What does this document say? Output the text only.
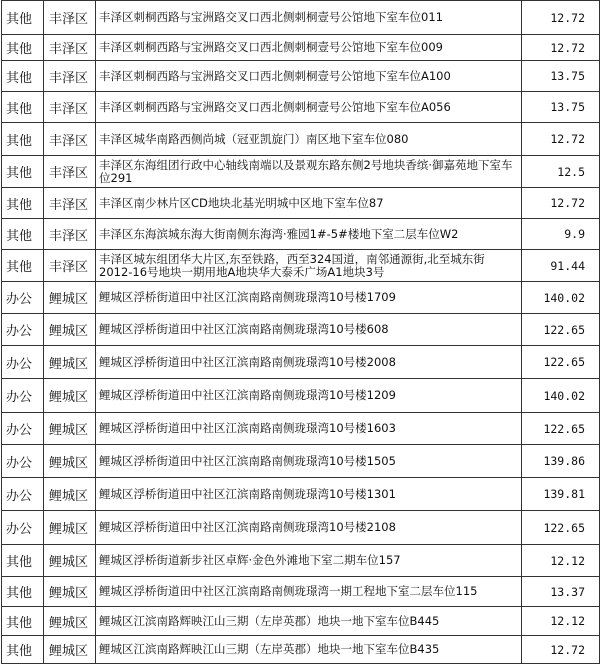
其他	丰泽区	丰泽区刺桐西路与宝洲路交叉口西北侧刺桐壹号公馆地下室车位011	12.72
其他	丰泽区	丰泽区刺桐西路与宝洲路交叉口西北侧刺桐壹号公馆地下室车位009	12.72
其他	丰泽区	丰泽区刺桐西路与宝洲路交叉口西北侧刺桐壹号公馆地下室车位A100	13.75
其他	丰泽区	丰泽区刺桐西路与宝洲路交叉口西北侧刺桐壹号公馆地下室车位A056	13.75
其他	丰泽区	丰泽区城华南路西侧尚城（冠亚凯旋门）南区地下室车位080	12.72
其他	丰泽区	丰泽区东海组团行政中心轴线南端以及景观东路东侧2号地块香缤·御嘉苑地下室车位291	12.5
其他	丰泽区	丰泽区南少林片区CD地块北基光明城中区地下室车位87	12.72
其他	丰泽区	丰泽区东海滨城东海大街南侧东海湾·雅园1#-5#楼地下室二层车位W2	9.9
其他	丰泽区	丰泽区城东组团华大片区,东至铁路，西至324国道，南邻通源街,北至城东街2012-16号地块一期用地A地块华大泰禾广场A1地块3号	91.44
办公	鲤城区	鲤城区浮桥街道田中社区江滨南路南侧珑璟湾10号楼1709	140.02
办公	鲤城区	鲤城区浮桥街道田中社区江滨南路南侧珑璟湾10号楼608	122.65
办公	鲤城区	鲤城区浮桥街道田中社区江滨南路南侧珑璟湾10号楼2008	122.65
办公	鲤城区	鲤城区浮桥街道田中社区江滨南路南侧珑璟湾10号楼1209	140.02
办公	鲤城区	鲤城区浮桥街道田中社区江滨南路南侧珑璟湾10号楼1603	122.65
办公	鲤城区	鲤城区浮桥街道田中社区江滨南路南侧珑璟湾10号楼1505	139.86
办公	鲤城区	鲤城区浮桥街道田中社区江滨南路南侧珑璟湾10号楼1301	139.81
办公	鲤城区	鲤城区浮桥街道田中社区江滨南路南侧珑璟湾10号楼2108	122.65
其他	鲤城区	鲤城区浮桥街道新步社区卓辉·金色外滩地下室二期车位157	12.12
其他	鲤城区	鲤城区浮桥街道田中社区江滨南路南侧珑璟湾一期工程地下室二层车位115	13.37
其他	鲤城区	鲤城区江滨南路辉映江山三期（左岸英郡）地块一地下室车位B445	12.12
其他	鲤城区	鲤城区江滨南路辉映江山三期（左岸英郡）地块一地下室车位B435	12.72
